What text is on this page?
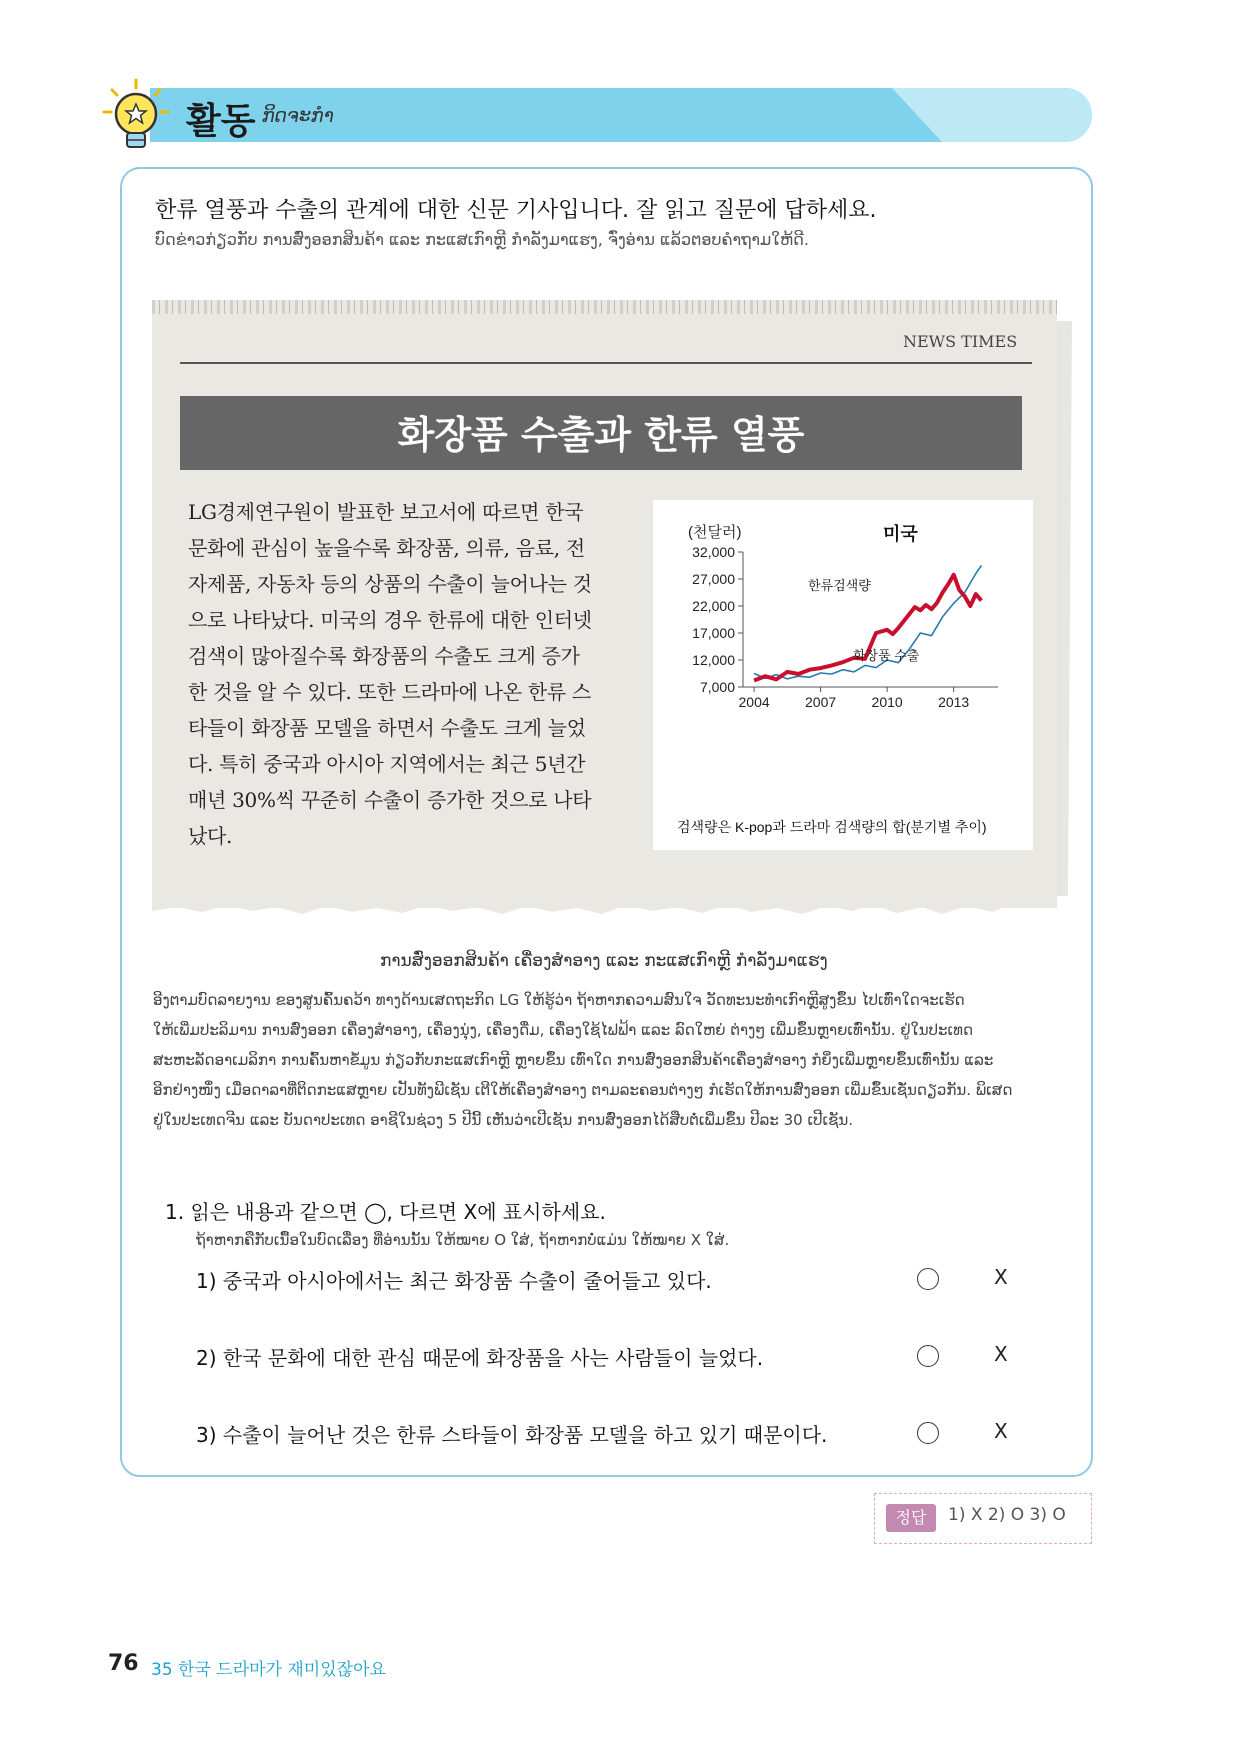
활동 ກິດຈະກຳ
한류 열풍과 수출의 관계에 대한 신문 기사입니다. 잘 읽고 질문에 답하세요.
ບົດຂ່າວກ່ຽວກັບ ການສົ່ງອອກສິນຄ້າ ແລະ ກະແສເກົາຫຼີ ກຳລັງມາແຮງ, ຈົ່ງອ່ານ ແລ້ວຕອບຄຳຖາມໃຫ້ດີ.
NEWS TIMES
화장품 수출과 한류 열풍
LG경제연구원이 발표한 보고서에 따르면 한국
문화에 관심이 높을수록 화장품, 의류, 음료, 전
자제품, 자동차 등의 상품의 수출이 늘어나는 것
으로 나타났다. 미국의 경우 한류에 대한 인터넷
검색이 많아질수록 화장품의 수출도 크게 증가
한 것을 알 수 있다. 또한 드라마에 나온 한류 스
타들이 화장품 모델을 하면서 수출도 크게 늘었
다. 특히 중국과 아시아 지역에서는 최근 5년간
매년 30%씩 꾸준히 수출이 증가한 것으로 나타
났다.
(천달러)	미국
검색량은 K-pop과 드라마 검색량의 합(분기별 추이)
32,000
27,000
22,000
17,000
12,000
7,000
2004	2007	2010	2013
한류검색량
화장품 수출
ການສົ່ງອອກສິນຄ້າ ເຄື່ອງສຳອາງ ແລະ ກະແສເກົາຫຼີ ກຳລັງມາແຮງ
ອີງຕາມບົດລາຍງານ ຂອງສູນຄົ້ນຄວ້າ ທາງດ້ານເສດຖະກິດ LG ໃຫ້ຮູ້ວ່າ ຖ້າຫາກຄວາມສົນໃຈ ວັດທະນະທຳເກົາຫຼີສູງຂຶ້ນ ໄປເທົ່າໃດຈະເຮັດ
ໃຫ້ເພີ່ມປະລິມານ ການສົ່ງອອກ ເຄື່ອງສຳອາງ, ເຄື່ອງນຸ່ງ, ເຄື່ອງດື່ມ, ເຄື່ອງໃຊ້ໄຟຟ້າ ແລະ ລົດໃຫຍ່ ຕ່າງໆ ເພີ່ມຂຶ້ນຫຼາຍເທົ່ານັ້ນ. ຢູ່ໃນປະເທດ
ສະຫະລັດອາເມລິກາ ການຄົ້ນຫາຂໍ້ມູນ ກ່ຽວກັບກະແສເກົາຫຼີ ຫຼາຍຂຶ້ນ ເທົ່າໃດ ການສົ່ງອອກສິນຄ້າເຄື່ອງສຳອາງ ກໍຍິ່ງເພີ່ມຫຼາຍຂຶ້ນເທົ່ານັ້ນ ແລະ
ອີກຢ່າງໜຶ່ງ ເມື່ອດາລາທີ່ຕິດກະແສຫຼາຍ ເປັນທັງພີເຊັນ ເຕີໃຫ້ເຄື່ອງສຳອາງ ຕາມລະຄອນຕ່າງໆ ກໍເຮັດໃຫ້ການສົ່ງອອກ ເພີ່ມຂຶ້ນເຊັ່ນດຽວກັນ. ພິເສດ
ຢູ່ໃນປະເທດຈີນ ແລະ ບັນດາປະເທດ ອາຊີໃນຊ່ວງ 5 ປີນີ້ ເຫັນວ່າເປີເຊັນ ການສົ່ງອອກໄດ້ສືບຕໍ່ເພີ່ມຂຶ້ນ ປີລະ 30 ເປີເຊັນ.
1. 읽은 내용과 같으면 ◯, 다르면 X에 표시하세요.
ຖ້າຫາກຄືກັບເນື້ອໃນບົດເລື່ອງ ທີ່ອ່ານນັ້ນ ໃຫ້ໝາຍ O ໃສ່, ຖ້າຫາກບໍ່ແມ່ນ ໃຫ້ໝາຍ X ໃສ່.
1) 중국과 아시아에서는 최근 화장품 수출이 줄어들고 있다.	X
2) 한국 문화에 대한 관심 때문에 화장품을 사는 사람들이 늘었다.	X
3) 수출이 늘어난 것은 한류 스타들이 화장품 모델을 하고 있기 때문이다.	X
정답	1) X 2) O 3) O
76 35 한국 드라마가 재미있잖아요
